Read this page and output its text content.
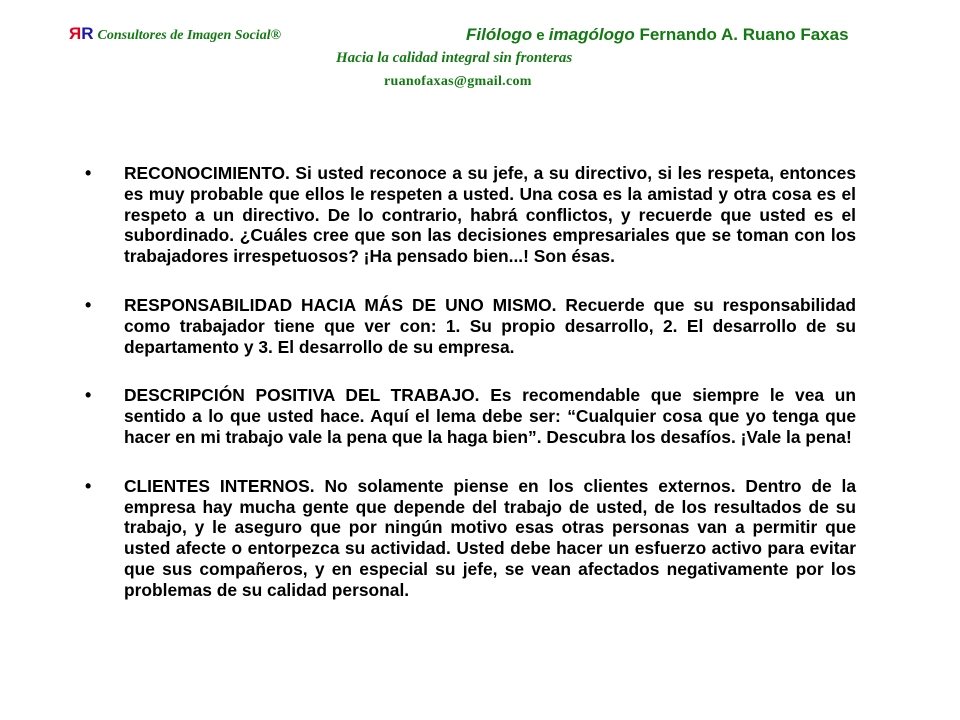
ЯR Consultores de Imagen Social®	Filólogo e imagólogo Fernando A. Ruano Faxas
Hacia la calidad integral sin fronteras
ruanofaxas@gmail.com
• RECONOCIMIENTO. Si usted reconoce a su jefe, a su directivo, si les respeta, entonces es muy probable que ellos le respeten a usted. Una cosa es la amistad y otra cosa es el respeto a un directivo. De lo contrario, habrá conflictos, y recuerde que usted es el subordinado. ¿Cuáles cree que son las decisiones empresariales que se toman con los trabajadores irrespetuosos? ¡Ha pensado bien...! Son ésas.
• RESPONSABILIDAD HACIA MÁS DE UNO MISMO. Recuerde que su responsabilidad como trabajador tiene que ver con: 1. Su propio desarrollo, 2. El desarrollo de su departamento y 3. El desarrollo de su empresa.
• DESCRIPCIÓN POSITIVA DEL TRABAJO. Es recomendable que siempre le vea un sentido a lo que usted hace. Aquí el lema debe ser: “Cualquier cosa que yo tenga que hacer en mi trabajo vale la pena que la haga bien”. Descubra los desafíos. ¡Vale la pena!
• CLIENTES INTERNOS. No solamente piense en los clientes externos. Dentro de la empresa hay mucha gente que depende del trabajo de usted, de los resultados de su trabajo, y le aseguro que por ningún motivo esas otras personas van a permitir que usted afecte o entorpezca su actividad. Usted debe hacer un esfuerzo activo para evitar que sus compañeros, y en especial su jefe, se vean afectados negativamente por los problemas de su calidad personal.
